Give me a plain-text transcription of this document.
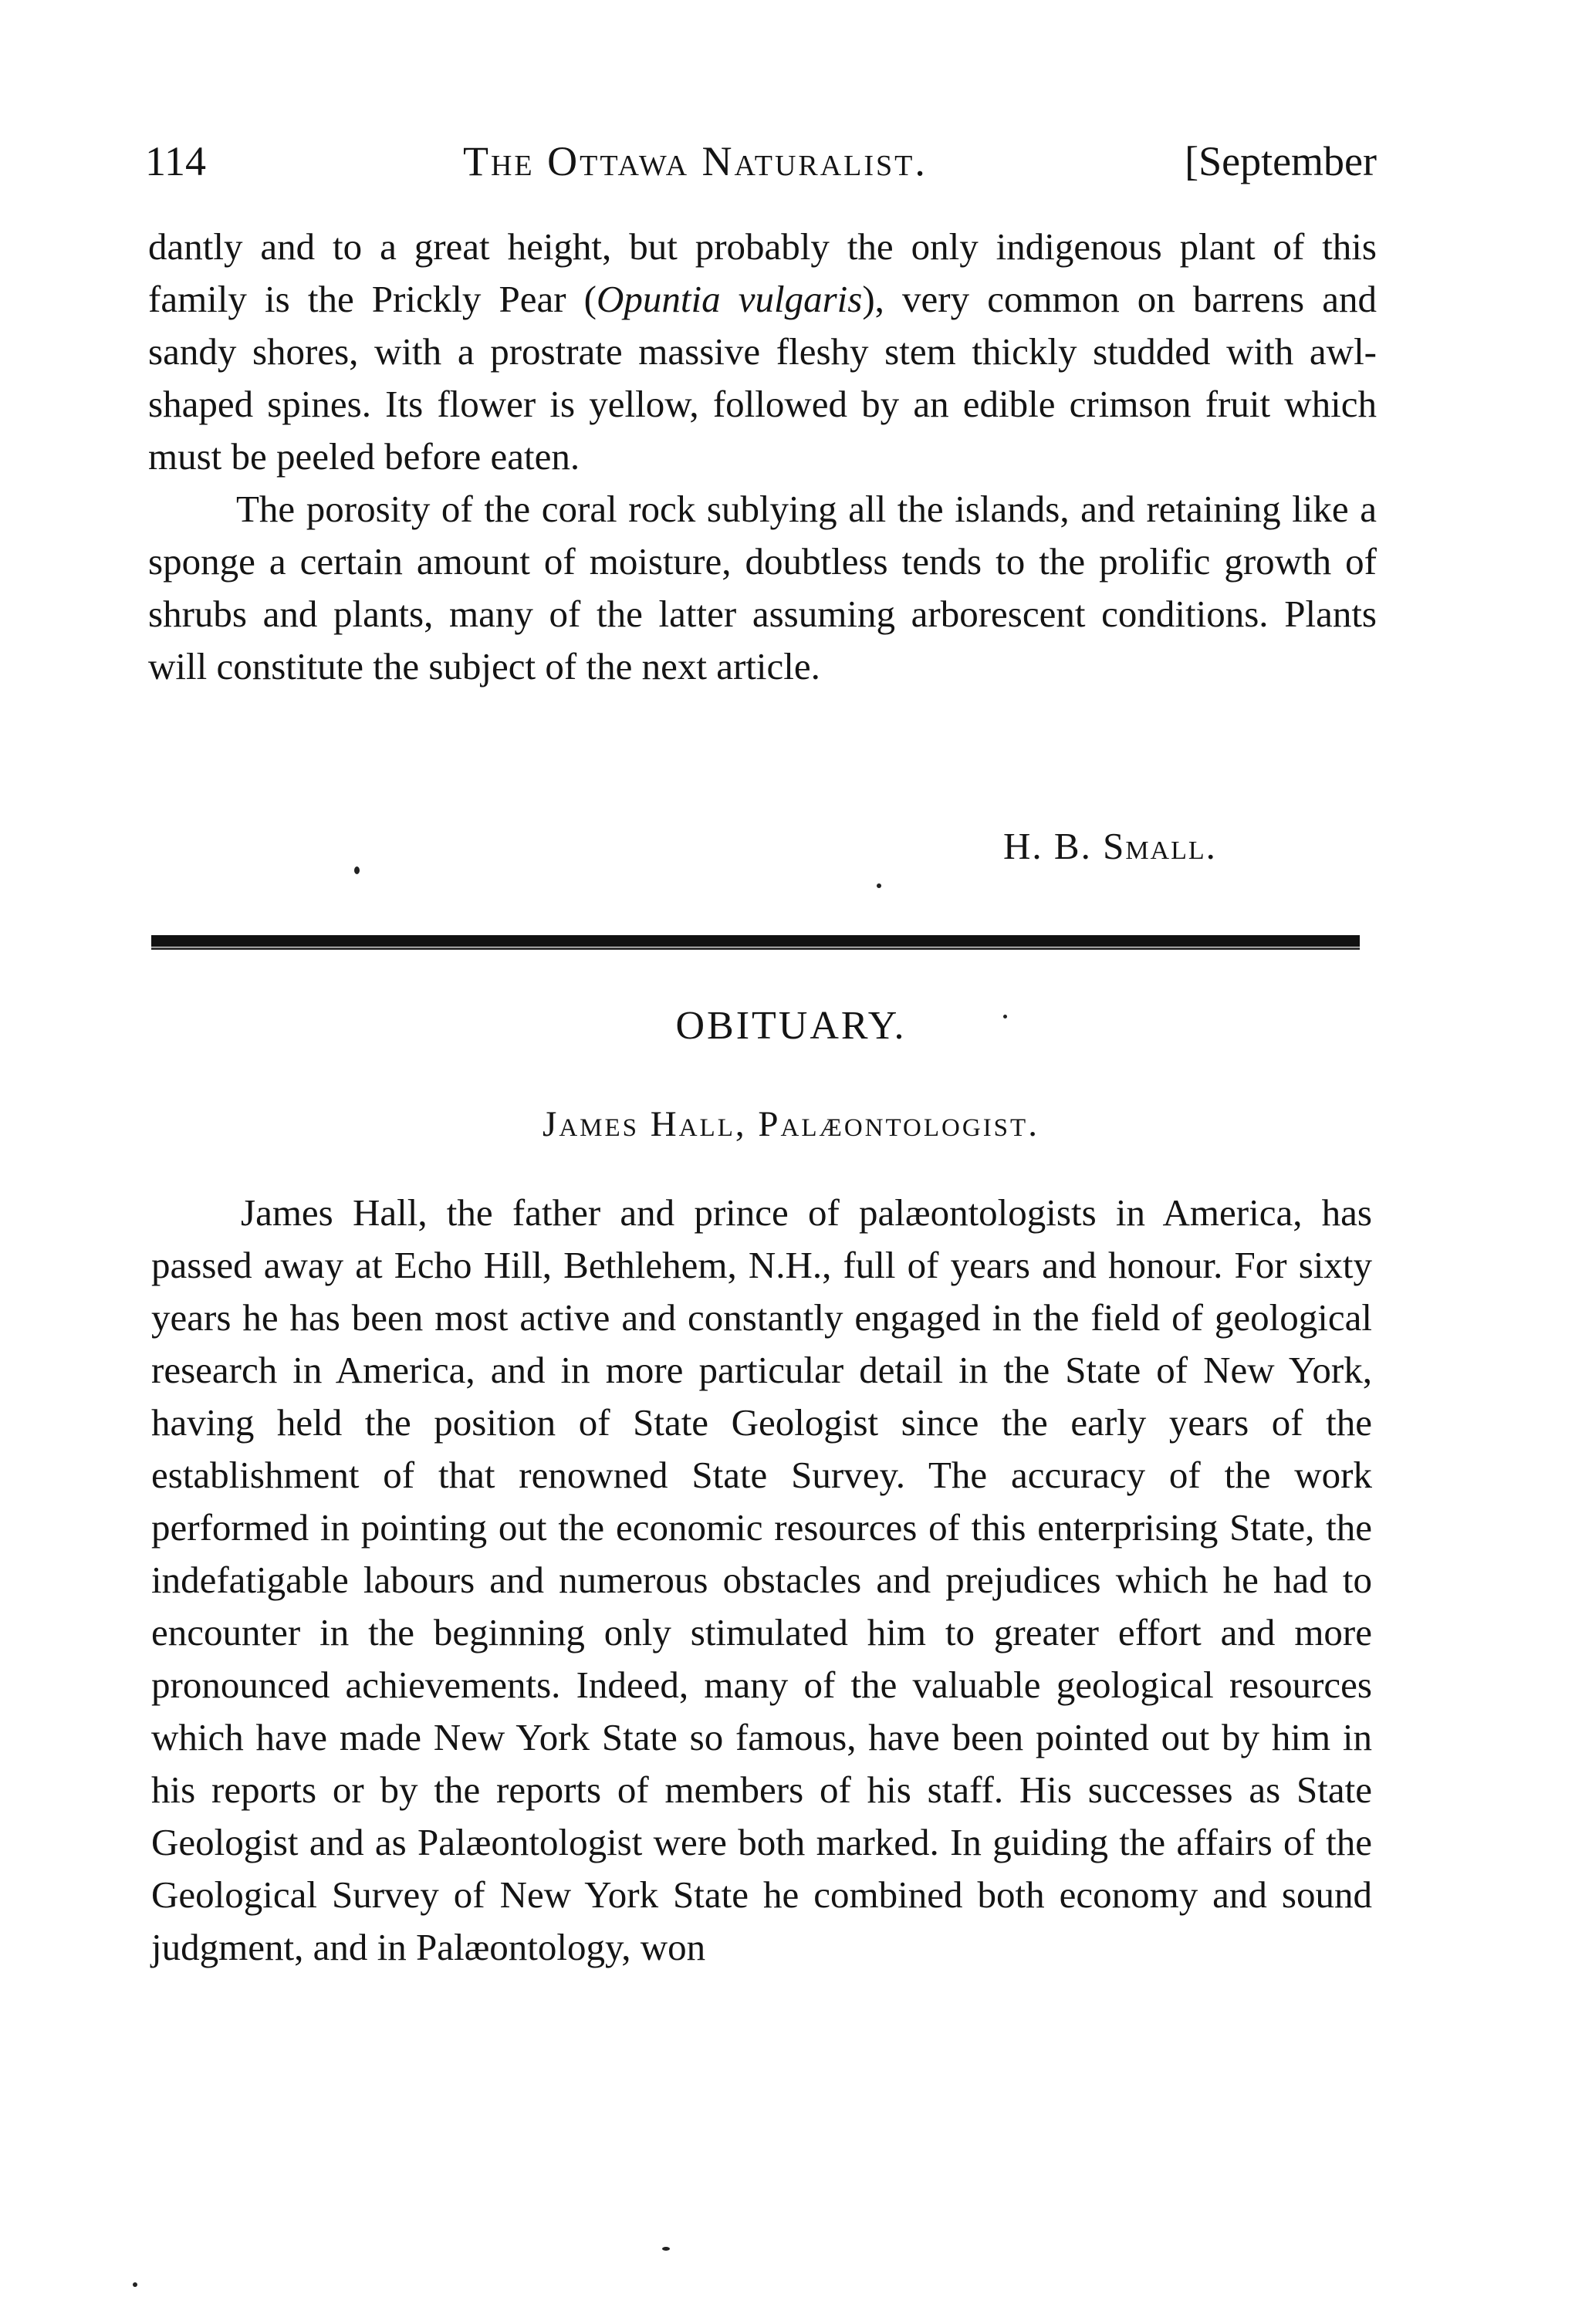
114	The Ottawa Naturalist.	[September

dantly and to a great height, but probably the only indigenous plant of this family is the Prickly Pear (Opuntia vulgaris), very common on barrens and sandy shores, with a prostrate massive fleshy stem thickly studded with awl-shaped spines. Its flower is yellow, followed by an edible crimson fruit which must be peeled before eaten.

The porosity of the coral rock sublying all the islands, and retaining like a sponge a certain amount of moisture, doubtless tends to the prolific growth of shrubs and plants, many of the latter assuming arborescent conditions. Plants will constitute the subject of the next article.

H. B. Small.
OBITUARY.
James Hall, Palæontologist.

James Hall, the father and prince of palæontologists in America, has passed away at Echo Hill, Bethlehem, N.H., full of years and honour. For sixty years he has been most active and constantly engaged in the field of geological research in America, and in more particular detail in the State of New York, having held the position of State Geologist since the early years of the establishment of that renowned State Survey. The accuracy of the work performed in pointing out the economic resources of this enterprising State, the indefatigable labours and numerous obstacles and prejudices which he had to encounter in the beginning only stimulated him to greater effort and more pronounced achievements. Indeed, many of the valuable geological resources which have made New York State so famous, have been pointed out by him in his reports or by the reports of members of his staff. His successes as State Geologist and as Palæontologist were both marked. In guiding the affairs of the Geological Survey of New York State he combined both economy and sound judgment, and in Palæontology, won
